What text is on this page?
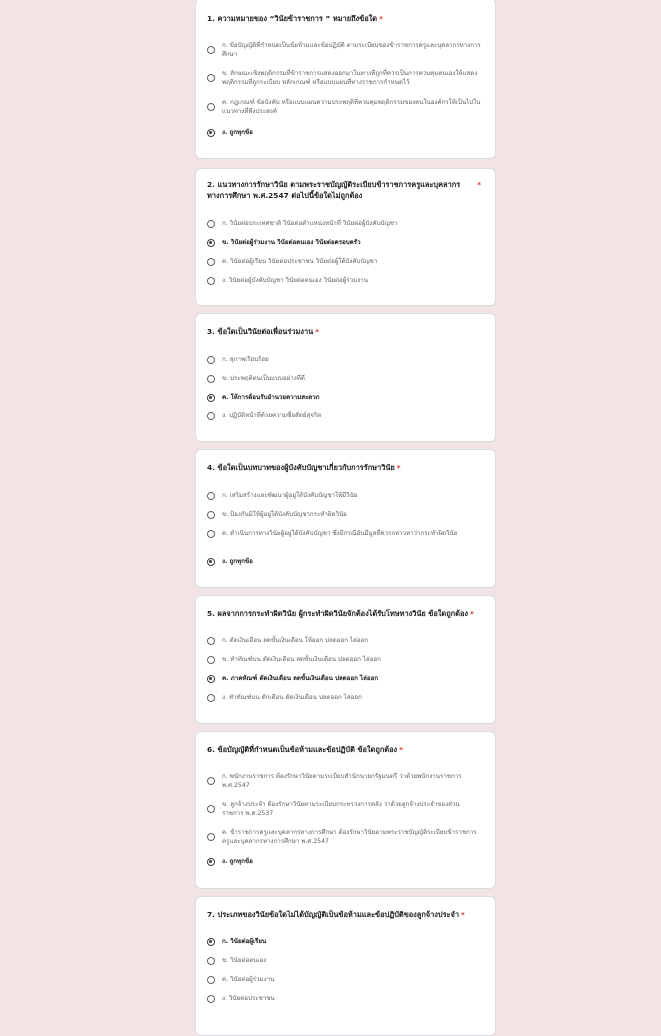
1. ความหมายของ “วินัยข้าราชการ ” หมายถึงข้อใด *
ก. ข้อบัญญัติที่กำหนดเป็นข้อห้ามและข้อปฏิบัติ ตามระเบียบของข้าราชการครูและบุคลากรทางการศึกษา
ข. ลักษณะเชิงพฤติกรรมที่ข้าราชการแสดงออกมาในทางที่ถูกที่ควรเป็นการควบคุมตนเองให้แสดงพฤติกรรมที่ถูกระเบียบ หลักเกณฑ์ หรือแบบแผนที่ทางราชการกำหนดไว้
ค. กฎเกณฑ์ ข้อบังคับ หรือแบบแผนความประพฤติที่ควบคุมพฤติกรรมของคนในองค์กรให้เป็นไปในแนวทางที่พึงประสงค์
ง. ถูกทุกข้อ
2. แนวทางการรักษาวินัย ตามพระราชบัญญัติระเบียบข้าราชการครูและบุคลากรทางการศึกษา พ.ศ.2547 ต่อไปนี้ข้อใดไม่ถูกต้อง
*
ก. วินัยต่อประเทศชาติ วินัยต่อตำแหน่งหน้าที่ วินัยต่อผู้บังคับบัญชา
ข. วินัยต่อผู้ร่วมงาน วินัยต่อตนเอง วินัยต่อครอบครัว
ค. วินัยต่อผู้เรียน วินัยต่อประชาชน วินัยต่อผู้ใต้บังคับบัญชา
ง. วินัยต่อผู้บังคับบัญชา วินัยต่อตนเอง วินัยต่อผู้ร่วมงาน
3. ข้อใดเป็นวินัยต่อเพื่อนร่วมงาน *
ก. สุภาพเรียบร้อย
ข. ประพฤติตนเป็นแบบอย่างที่ดี
ค. ให้การต้อนรับอำนวยความสะดวก
ง. ปฏิบัติหน้าที่ด้วยความซื่อสัตย์สุจริต
4. ข้อใดเป็นบทบาทของผู้บังคับบัญชาเกี่ยวกับการรักษาวินัย *
ก. เสริมสร้างและพัฒนาผู้อยู่ใต้บังคับบัญชาให้มีวินัย
ข. ป้องกันมิให้ผู้อยู่ใต้บังคับบัญชากระทำผิดวินัย
ค. ดำเนินการทางวินัยผู้อยู่ใต้บังคับบัญชา ซึ่งมีกรณีอันมีมูลที่ควรกล่าวหาว่ากระทำผิดวินัย
ง. ถูกทุกข้อ
5. ผลจากการกระทำผิดวินัย ผู้กระทำผิดวินัยจักต้องได้รับโทษทางวินัย ข้อใดถูกต้อง *
ก. ตัดเงินเดือน ลดขั้นเงินเดือน ให้ออก ปลดออก ไล่ออก
ข. ทำทัณฑ์บน ตัดเงินเดือน ลดขั้นเงินเดือน ปลดออก ไล่ออก
ค. ภาคทัณฑ์ ตัดเงินเดือน ลดขั้นเงินเดือน ปลดออก ไล่ออก
ง. ทำทัณฑ์บน ตักเตือน ตัดเงินเดือน ปลดออก ไล่ออก
6. ข้อบัญญัติที่กำหนดเป็นข้อห้ามและข้อปฏิบัติ ข้อใดถูกต้อง *
ก. พนักงานราชการ ต้องรักษาวินัยตามระเบียบสำนักนายกรัฐมนตรี ว่าด้วยพนักงานราชการ พ.ศ.2547
ข. ลูกจ้างประจำ ต้องรักษาวินัยตามระเบียบกระทรวงการคลัง ว่าด้วยลูกจ้างประจำของส่วนราชการ พ.ศ.2537
ค. ข้าราชการครูและบุคลากรทางการศึกษา ต้องรักษาวินัยตามพระราชบัญญัติระเบียบข้าราชการครูและบุคลากรทางการศึกษา พ.ศ.2547
ง. ถูกทุกข้อ
7. ประเภทของวินัยข้อใดไม่ได้บัญญัติเป็นข้อห้ามและข้อปฏิบัติของลูกจ้างประจำ *
ก. วินัยต่อผู้เรียน
ข. วินัยต่อตนเอง
ค. วินัยต่อผู้ร่วมงาน
ง. วินัยต่อประชาชน
